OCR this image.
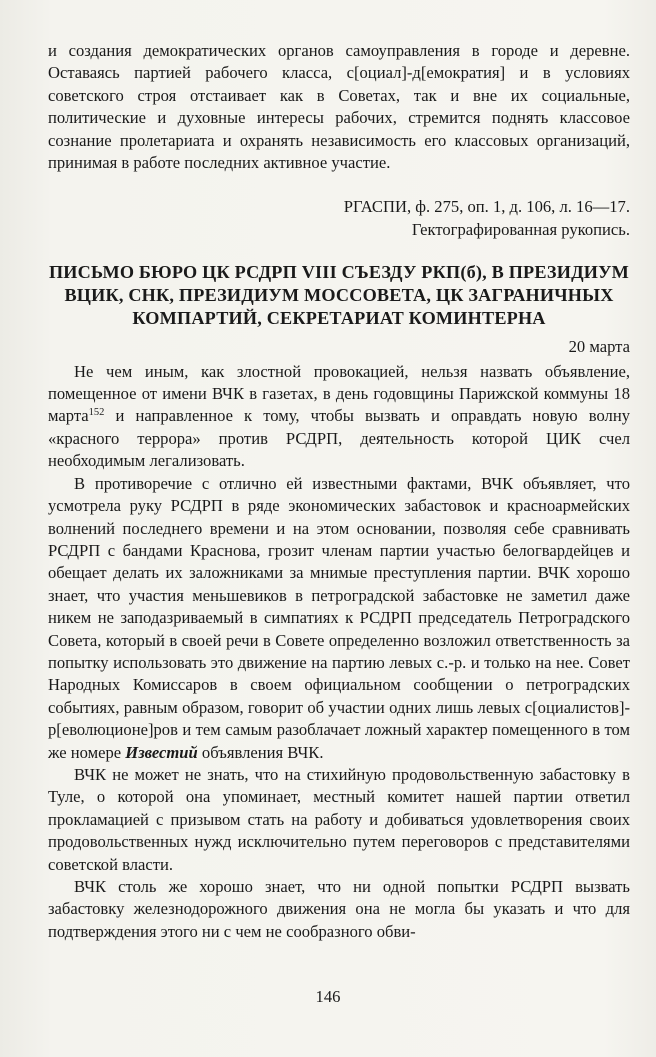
и создания демократических органов самоуправления в городе и деревне. Оставаясь партией рабочего класса, с[оциал]-д[емократия] и в условиях советского строя отстаивает как в Советах, так и вне их социальные, политические и духовные интересы рабочих, стремится поднять классовое сознание пролетариата и охранять независимость его классовых организаций, принимая в работе последних активное участие.

РГАСПИ, ф. 275, оп. 1, д. 106, л. 16—17.

Гектографированная рукопись.

ПИСЬМО БЮРО ЦК РСДРП VIII СЪЕЗДУ РКП(б), В ПРЕЗИДИУМ ВЦИК, СНК, ПРЕЗИДИУМ МОССОВЕТА, ЦК ЗАГРАНИЧНЫХ КОМПАРТИЙ, СЕКРЕТАРИАТ КОМИНТЕРНА

20 марта

Не чем иным, как злостной провокацией, нельзя назвать объявление, помещенное от имени ВЧК в газетах, в день годовщины Парижской коммуны 18 марта$^{152}$ и направленное к тому, чтобы вызвать и оправдать новую волну «красного террора» против РСДРП, деятельность которой ЦИК счел необходимым легализовать.

В противоречие с отлично ей известными фактами, ВЧК объявляет, что усмотрела руку РСДРП в ряде экономических забастовок и красноармейских волнений последнего времени и на этом основании, позволяя себе сравнивать РСДРП с бандами Краснова, грозит членам партии участью белогвардейцев и обещает делать их заложниками за мнимые преступления партии. ВЧК хорошо знает, что участия меньшевиков в петроградской забастовке не заметил даже никем не заподазриваемый в симпатиях к РСДРП председатель Петроградского Совета, который в своей речи в Совете определенно возложил ответственность за попытку использовать это движение на партию левых с.-р. и только на нее. Совет Народных Комиссаров в своем официальном сообщении о петроградских событиях, равным образом, говорит об участии одних лишь левых с[оциалистов]-р[еволюционе]ров и тем самым разоблачает ложный характер помещенного в том же номере Известий объявления ВЧК.

ВЧК не может не знать, что на стихийную продовольственную забастовку в Туле, о которой она упоминает, местный комитет нашей партии ответил прокламацией с призывом стать на работу и добиваться удовлетворения своих продовольственных нужд исключительно путем переговоров с представителями советской власти.

ВЧК столь же хорошо знает, что ни одной попытки РСДРП вызвать забастовку железнодорожного движения она не могла бы указать и что для подтверждения этого ни с чем не сообразного обви-

146
